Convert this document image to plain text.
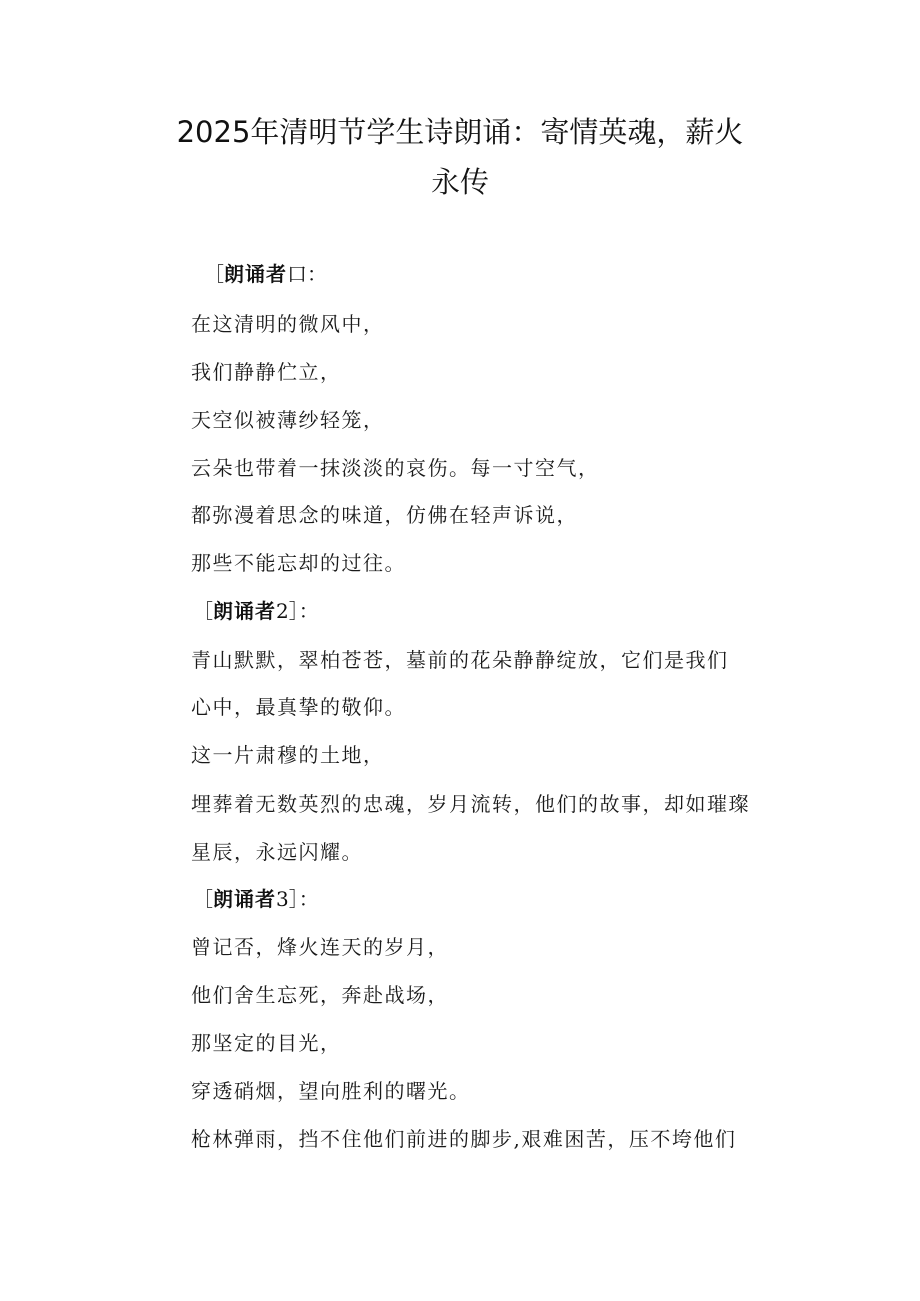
2025年清明节学生诗朗诵：寄情英魂，薪火
永传
［朗诵者口：
在这清明的微风中，
我们静静伫立，
天空似被薄纱轻笼，
云朵也带着一抹淡淡的哀伤。每一寸空气，
都弥漫着思念的味道，仿佛在轻声诉说，
那些不能忘却的过往。
［朗诵者2］：
青山默默，翠柏苍苍，墓前的花朵静静绽放，它们是我们
心中，最真挚的敬仰。
这一片肃穆的土地，
埋葬着无数英烈的忠魂，岁月流转，他们的故事，却如璀璨
星辰，永远闪耀。
［朗诵者3］：
曾记否，烽火连天的岁月，
他们舍生忘死，奔赴战场，
那坚定的目光，
穿透硝烟，望向胜利的曙光。
枪林弹雨，挡不住他们前进的脚步,艰难困苦，压不垮他们
